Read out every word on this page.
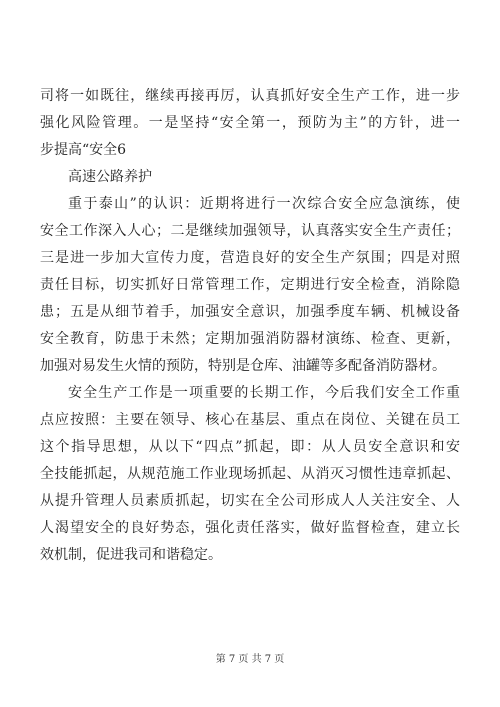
司将一如既往，继续再接再厉，认真抓好安全生产工作，进一步
强化风险管理。一是坚持“安全第一，预防为主”的方针，进一
步提高“安全6
高速公路养护
重于泰山”的认识：近期将进行一次综合安全应急演练，使
安全工作深入人心；二是继续加强领导，认真落实安全生产责任；
三是进一步加大宣传力度，营造良好的安全生产氛围；四是对照
责任目标，切实抓好日常管理工作，定期进行安全检查，消除隐
患；五是从细节着手，加强安全意识，加强季度车辆、机械设备
安全教育，防患于未然；定期加强消防器材演练、检查、更新，
加强对易发生火情的预防，特别是仓库、油罐等多配备消防器材。
安全生产工作是一项重要的长期工作，今后我们安全工作重
点应按照：主要在领导、核心在基层、重点在岗位、关键在员工
这个指导思想，从以下“四点”抓起，即：从人员安全意识和安
全技能抓起，从规范施工作业现场抓起、从消灭习惯性违章抓起、
从提升管理人员素质抓起，切实在全公司形成人人关注安全、人
人渴望安全的良好势态，强化责任落实，做好监督检查，建立长
效机制，促进我司和谐稳定。
第 7 页 共 7 页
